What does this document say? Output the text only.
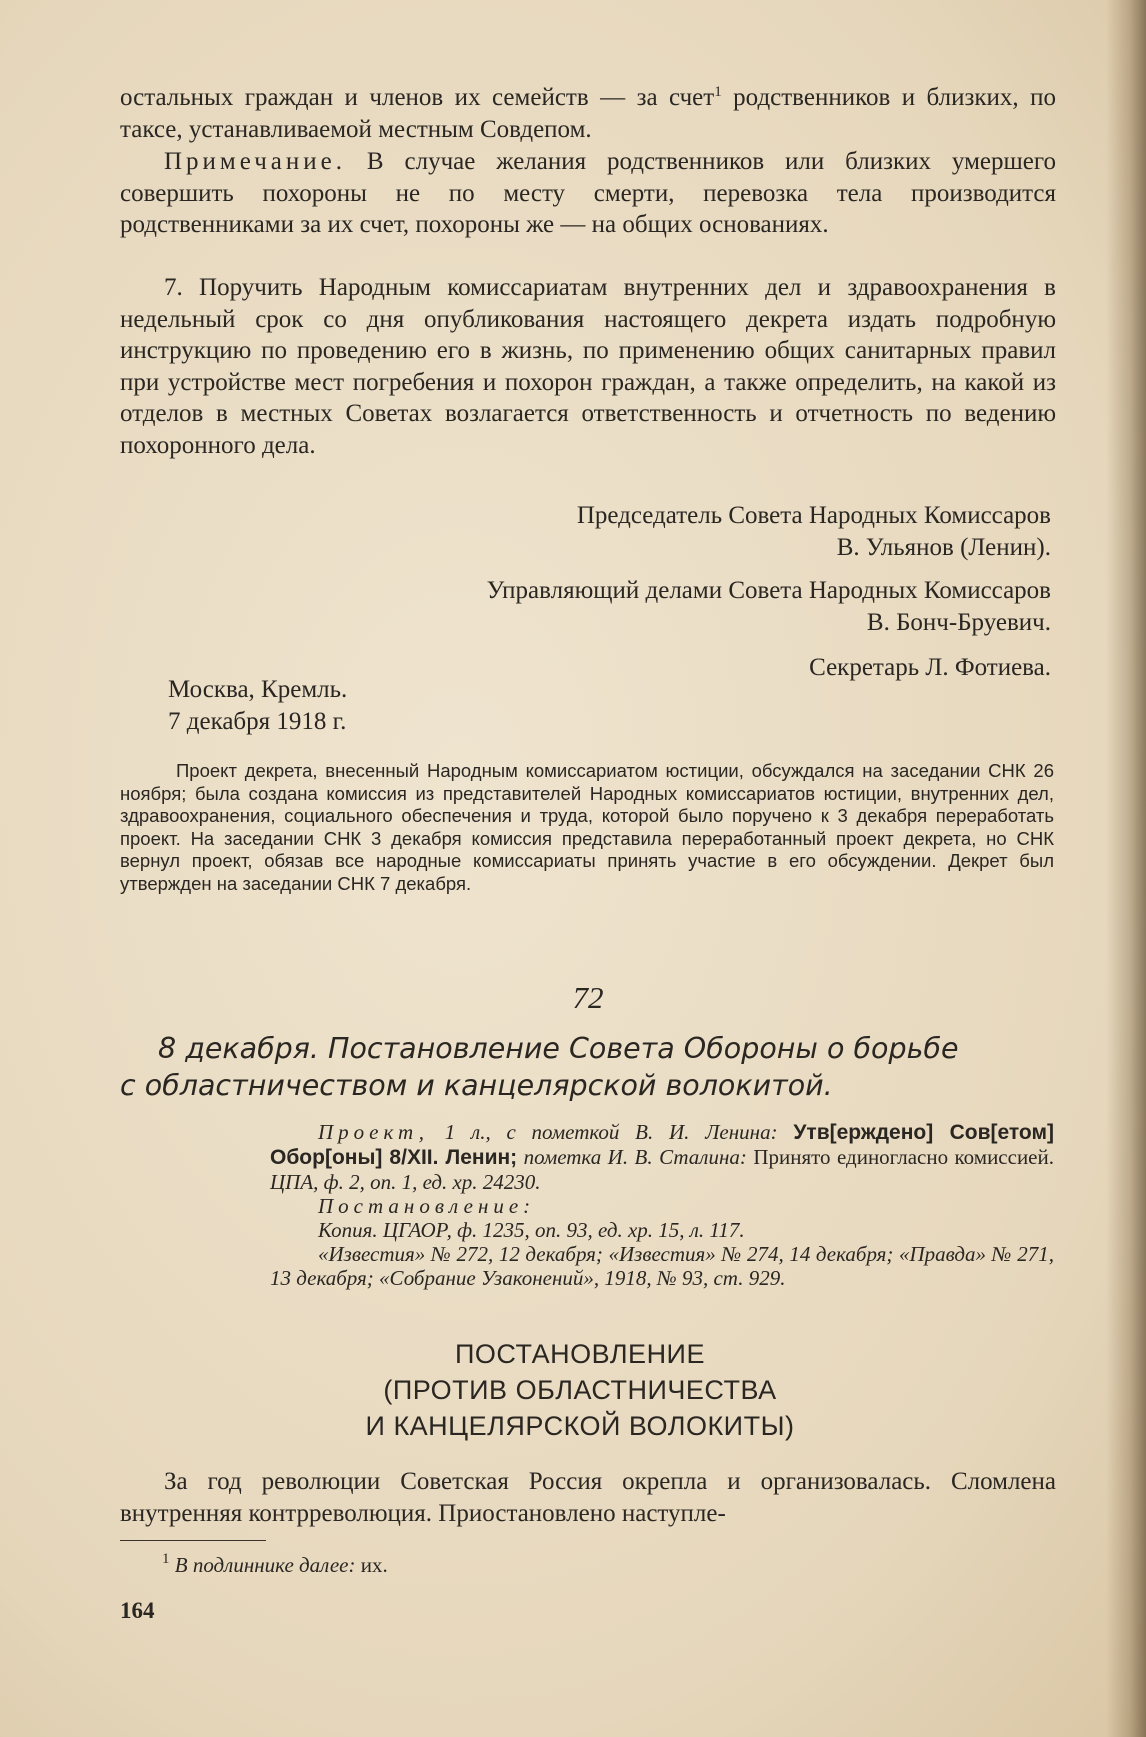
остальных граждан и членов их семейств — за счет$^1$ родственников и близких, по таксе, устанавливаемой местным Совдепом.

Примечание. В случае желания родственников или близких умершего совершить похороны не по месту смерти, перевозка тела производится родственниками за их счет, похороны же — на общих основаниях.

7. Поручить Народным комиссариатам внутренних дел и здравоохранения в недельный срок со дня опубликования настоящего декрета издать подробную инструкцию по проведению его в жизнь, по применению общих санитарных правил при устройстве мест погребения и похорон граждан, а также определить, на какой из отделов в местных Советах возлагается ответственность и отчетность по ведению похоронного дела.

Председатель Совета Народных Комиссаров

В. Ульянов (Ленин).

Управляющий делами Совета Народных Комиссаров

В. Бонч-Бруевич.

Секретарь Л. Фотиева.

Москва, Кремль.

7 декабря 1918 г.

Проект декрета, внесенный Народным комиссариатом юстиции, обсуждался на заседании СНК 26 ноября; была создана комиссия из представителей Народных комиссариатов юстиции, внутренних дел, здравоохранения, социального обеспечения и труда, которой было поручено к 3 декабря переработать проект. На заседании СНК 3 декабря комиссия представила переработанный проект декрета, но СНК вернул проект, обязав все народные комиссариаты принять участие в его обсуждении. Декрет был утвержден на заседании СНК 7 декабря.

72

8 декабря. Постановление Совета Обороны о борьбе
с областничеством и канцелярской волокитой.

Проект, 1 л., с пометкой В. И. Ленина: Утв[ерждено] Сов[етом] Обор[оны] 8/XII. Ленин; пометка И. В. Сталина: Принято единогласно комиссией. ЦПА, ф. 2, оп. 1, ед. хр. 24230.

Постановление:

Копия. ЦГАОР, ф. 1235, оп. 93, ед. хр. 15, л. 117.

«Известия» № 272, 12 декабря; «Известия» № 274, 14 декабря; «Правда» № 271, 13 декабря; «Собрание Узаконений», 1918, № 93, ст. 929.

ПОСТАНОВЛЕНИЕ

(ПРОТИВ ОБЛАСТНИЧЕСТВА

И КАНЦЕЛЯРСКОЙ ВОЛОКИТЫ)

За год революции Советская Россия окрепла и организовалась. Сломлена внутренняя контрреволюция. Приостановлено наступле-

$^1$ В подлиннике далее: их.

164
